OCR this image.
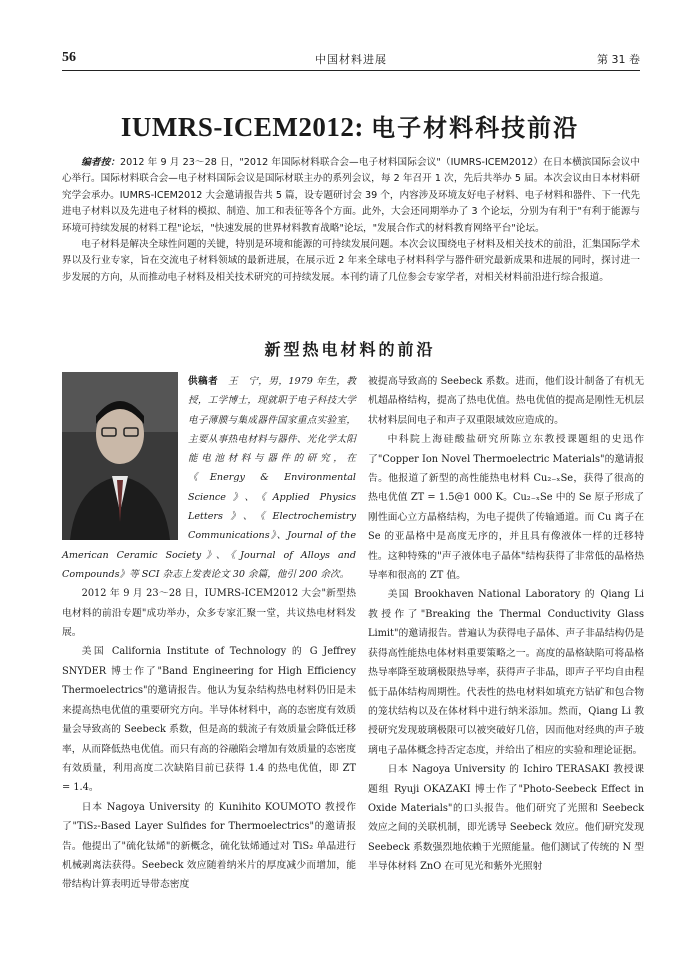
56	中国材料进展	第 31 卷
IUMRS-ICEM2012: 电子材料科技前沿

编者按：2012 年 9 月 23～28 日，"2012 年国际材料联合会—电子材料国际会议"（IUMRS-ICEM2012）在日本横滨国际会议中心举行。国际材料联合会—电子材料国际会议是国际材联主办的系列会议，每 2 年召开 1 次，先后共举办 5 届。本次会议由日本材料研究学会承办。IUMRS-ICEM2012 大会邀请报告共 5 篇，设专题研讨会 39 个，内容涉及环境友好电子材料、电子材料和器件、下一代先进电子材料以及先进电子材料的模拟、制造、加工和表征等各个方面。此外，大会还同期举办了 3 个论坛，分别为有利于"有利于能源与环境可持续发展的材料工程"论坛，"快速发展的世界材料教育战略"论坛，"发展合作式的材料教育网络平台"论坛。

电子材料是解决全球性问题的关键，特别是环境和能源的可持续发展问题。本次会议围绕电子材料及相关技术的前沿，汇集国际学术界以及行业专家，旨在交流电子材料领域的最新进展，在展示近 2 年来全球电子材料科学与器件研究最新成果和进展的同时，探讨进一步发展的方向，从而推动电子材料及相关技术研究的可持续发展。本刊约请了几位参会专家学者，对相关材料前沿进行综合报道。

新型热电材料的前沿

供稿者　 王　宁，男，1979 年生，教授，工学博士，现就职于电子科技大学电子薄膜与集成器件国家重点实验室，主要从事热电材料与器件、光化学太阳能电池材料与器件的研究，在《Energy & Environmental Science》、《Applied Physics Letters》、《Electrochemistry Communications》、Journal of the American Ceramic Society》、《Journal of Alloys and Compounds》等 SCI 杂志上发表论文 30 余篇，他引 200 余次。

2012 年 9 月 23～28 日，IUMRS-ICEM2012 大会"新型热电材料的前沿专题"成功举办，众多专家汇聚一堂，共议热电材料发展。

美国 California Institute of Technology 的 G Jeffrey SNYDER 博士作了"Band Engineering for High Efficiency Thermoelectrics"的邀请报告。他认为复杂结构热电材料仍旧是未来提高热电优值的重要研究方向。半导体材料中，高的态密度有效质量会导致高的 Seebeck 系数，但是高的载流子有效质量会降低迁移率，从而降低热电优值。而只有高的谷融陷会增加有效质量的态密度有效质量，利用高度二次缺陷目前已获得 1.4 的热电优值，即 ZT = 1.4。

日本 Nagoya University 的 Kunihito KOUMOTO 教授作了"TiS₂-Based Layer Sulfides for Thermoelectrics"的邀请报告。他提出了"硫化钛烯"的新概念，硫化钛烯通过对 TiS₂ 单晶进行机械剥离法获得。Seebeck 效应随着纳米片的厚度减少而增加，能带结构计算表明近导带态密度

被提高导致高的 Seebeck 系数。进而，他们设计制备了有机无机超晶格结构，提高了热电优值。热电优值的提高是刚性无机层状材料层间电子和声子双重限域效应造成的。

中科院上海硅酸盐研究所陈立东教授课题组的史迅作了"Copper Ion Novel Thermoelectric Materials"的邀请报告。他报道了新型的高性能热电材料 Cu₂₋ₓSe，获得了很高的热电优值 ZT = 1.5@1 000 K。Cu₂₋ₓSe 中的 Se 原子形成了刚性面心立方晶格结构，为电子提供了传输通道。而 Cu 离子在 Se 的亚晶格中是高度无序的，并且具有像液体一样的迁移特性。这种特殊的"声子液体电子晶体"结构获得了非常低的晶格热导率和很高的 ZT 值。

美国 Brookhaven National Laboratory 的 Qiang Li 教授作了"Breaking the Thermal Conductivity Glass Limit"的邀请报告。普遍认为获得电子晶体、声子非晶结构仍是获得高性能热电体材料重要策略之一。高度的晶格缺陷可将晶格热导率降至玻璃极限热导率，获得声子非晶，即声子平均自由程低于晶体结构周期性。代表性的热电材料如填充方钴矿和包合物的笼状结构以及在体材料中进行纳米添加。然而，Qiang Li 教授研究发现玻璃极限可以被突破好几倍，因而他对经典的声子玻璃电子晶体概念持否定态度，并给出了相应的实验和理论证据。

日本 Nagoya University 的 Ichiro TERASAKI 教授课题组 Ryuji OKAZAKI 博士作了"Photo-Seebeck Effect in Oxide Materials"的口头报告。他们研究了光照和 Seebeck 效应之间的关联机制，即光诱导 Seebeck 效应。他们研究发现 Seebeck 系数强烈地依赖于光照能量。他们测试了传统的 N 型半导体材料 ZnO 在可见光和紫外光照射
